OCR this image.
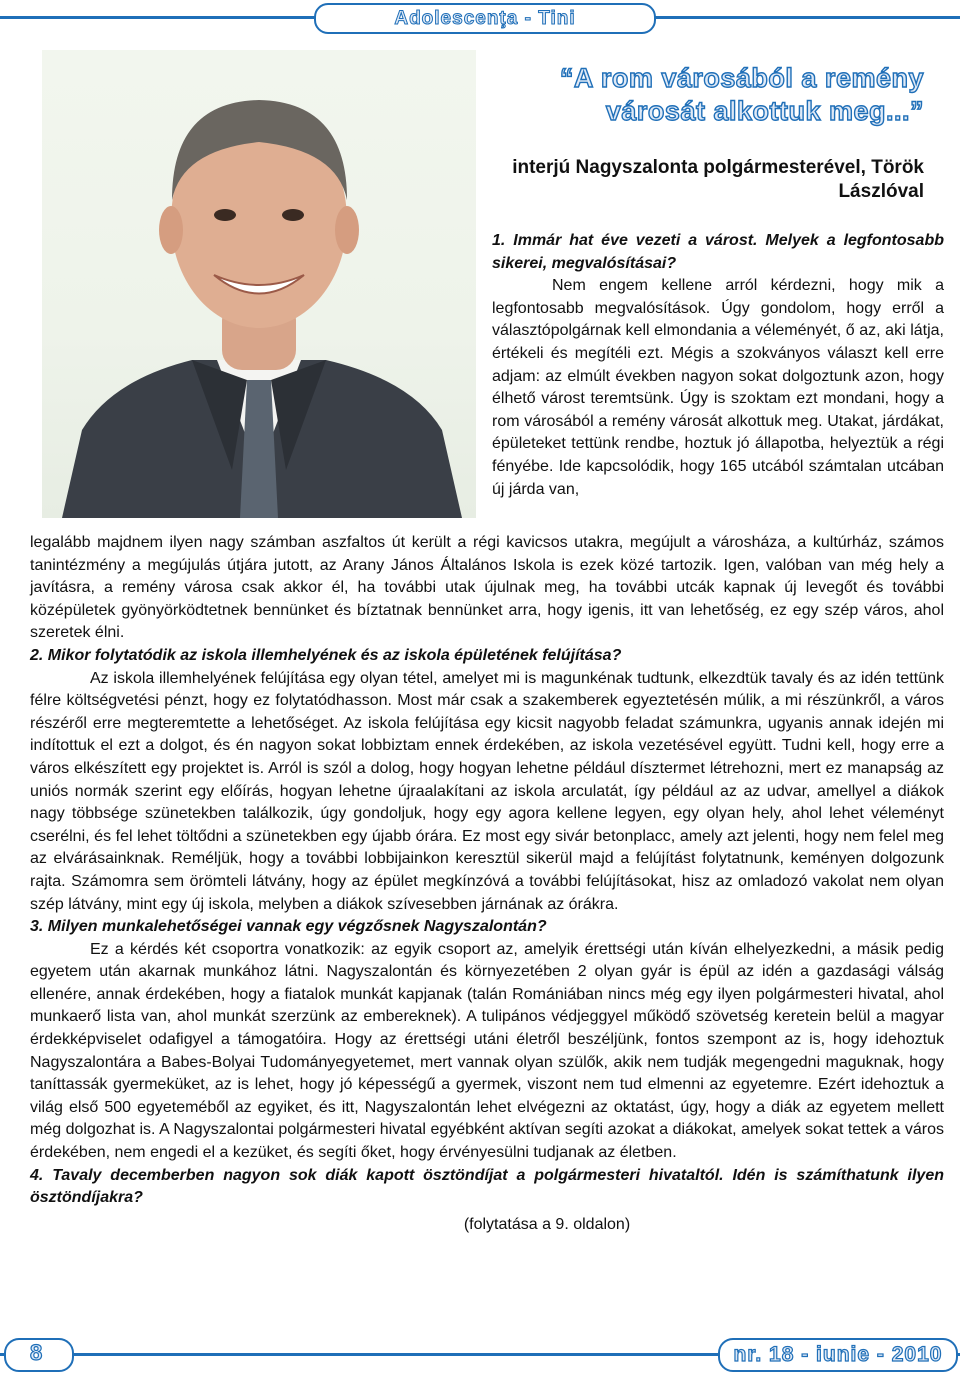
Adolescenţa - Tini
“A rom városából a remény városát alkottuk meg...”
interjú Nagyszalonta polgármesterével, Török Lászlóval

1. Immár hat éve vezeti a várost. Melyek a legfontosabb sikerei, megvalósításai?

Nem engem kellene arról kérdezni, hogy mik a legfontosabb megvalósítások. Úgy gondolom, hogy erről a választópolgárnak kell elmondania a véleményét, ő az, aki látja, értékeli és megítéli ezt. Mégis a szokványos választ kell erre adjam: az elmúlt években nagyon sokat dolgoztunk azon, hogy élhető várost teremtsünk. Úgy is szoktam ezt mondani, hogy a rom városából a remény városát alkottuk meg. Utakat, járdákat, épületeket tettünk rendbe, hoztuk jó állapotba, helyeztük a régi fényébe. Ide kapcsolódik, hogy 165 utcából számtalan utcában új járda van,

legalább majdnem ilyen nagy számban aszfaltos út került a régi kavicsos utakra, megújult a városháza, a kultúrház, számos tanintézmény a megújulás útjára jutott, az Arany János Általános Iskola is ezek közé tartozik. Igen, valóban van még hely a javításra, a remény városa csak akkor él, ha további utak újulnak meg, ha további utcák kapnak új levegőt és további középületek gyönyörködtetnek bennünket és bíztatnak bennünket arra, hogy igenis, itt van lehetőség, ez egy szép város, ahol szeretek élni.

2. Mikor folytatódik az iskola illemhelyének és az iskola épületének felújítása?

Az iskola illemhelyének felújítása egy olyan tétel, amelyet mi is magunkénak tudtunk, elkezdtük tavaly és az idén tettünk félre költségvetési pénzt, hogy ez folytatódhasson. Most már csak a szakemberek egyeztetésén múlik, a mi részünkről, a város részéről erre megteremtette a lehetőséget. Az iskola felújítása egy kicsit nagyobb feladat számunkra, ugyanis annak idején mi indítottuk el ezt a dolgot, és én nagyon sokat lobbiztam ennek érdekében, az iskola vezetésével együtt. Tudni kell, hogy erre a város elkészített egy projektet is. Arról is szól a dolog, hogy hogyan lehetne például dísztermet létrehozni, mert ez manapság az uniós normák szerint egy előírás, hogyan lehetne újraalakítani az iskola arculatát, így például az az udvar, amellyel a diákok nagy többsége szünetekben találkozik, úgy gondoljuk, hogy egy agora kellene legyen, egy olyan hely, ahol lehet véleményt cserélni, és fel lehet töltődni a szünetekben egy újabb órára. Ez most egy sivár betonplacc, amely azt jelenti, hogy nem felel meg az elvárásainknak. Reméljük, hogy a további lobbijainkon keresztül sikerül majd a felújítást folytatnunk, keményen dolgozunk rajta. Számomra sem örömteli látvány, hogy az épület megkínzóvá a további felújításokat, hisz az omladozó vakolat nem olyan szép látvány, mint egy új iskola, melyben a diákok szívesebben járnának az órákra.

3. Milyen munkalehetőségei vannak egy végzősnek Nagyszalontán?

Ez a kérdés két csoportra vonatkozik: az egyik csoport az, amelyik érettségi után kíván elhelyezkedni, a másik pedig egyetem után akarnak munkához látni. Nagyszalontán és környezetében 2 olyan gyár is épül az idén a gazdasági válság ellenére, annak érdekében, hogy a fiatalok munkát kapjanak (talán Romániában nincs még egy ilyen polgármesteri hivatal, ahol munkaerő lista van, ahol munkát szerzünk az embereknek). A tulipános védjeggyel működő szövetség keretein belül a magyar érdekképviselet odafigyel a támogatóira. Hogy az érettségi utáni életről beszéljünk, fontos szempont az is, hogy idehoztuk Nagyszalontára a Babes-Bolyai Tudományegyetemet, mert vannak olyan szülők, akik nem tudják megengedni maguknak, hogy taníttassák gyermeküket, az is lehet, hogy jó képességű a gyermek, viszont nem tud elmenni az egyetemre. Ezért idehoztuk a világ első 500 egyeteméből az egyiket, és itt, Nagyszalontán lehet elvégezni az oktatást, úgy, hogy a diák az egyetem mellett még dolgozhat is. A Nagyszalontai polgármesteri hivatal egyébként aktívan segíti azokat a diákokat, amelyek sokat tettek a város érdekében, nem engedi el a kezüket, és segíti őket, hogy érvényesülni tudjanak az életben.

4. Tavaly decemberben nagyon sok diák kapott ösztöndíjat a polgármesteri hivataltól. Idén is számíthatunk ilyen ösztöndíjakra?

(folytatása a 9. oldalon)

8	nr. 18 - iunie - 2010
